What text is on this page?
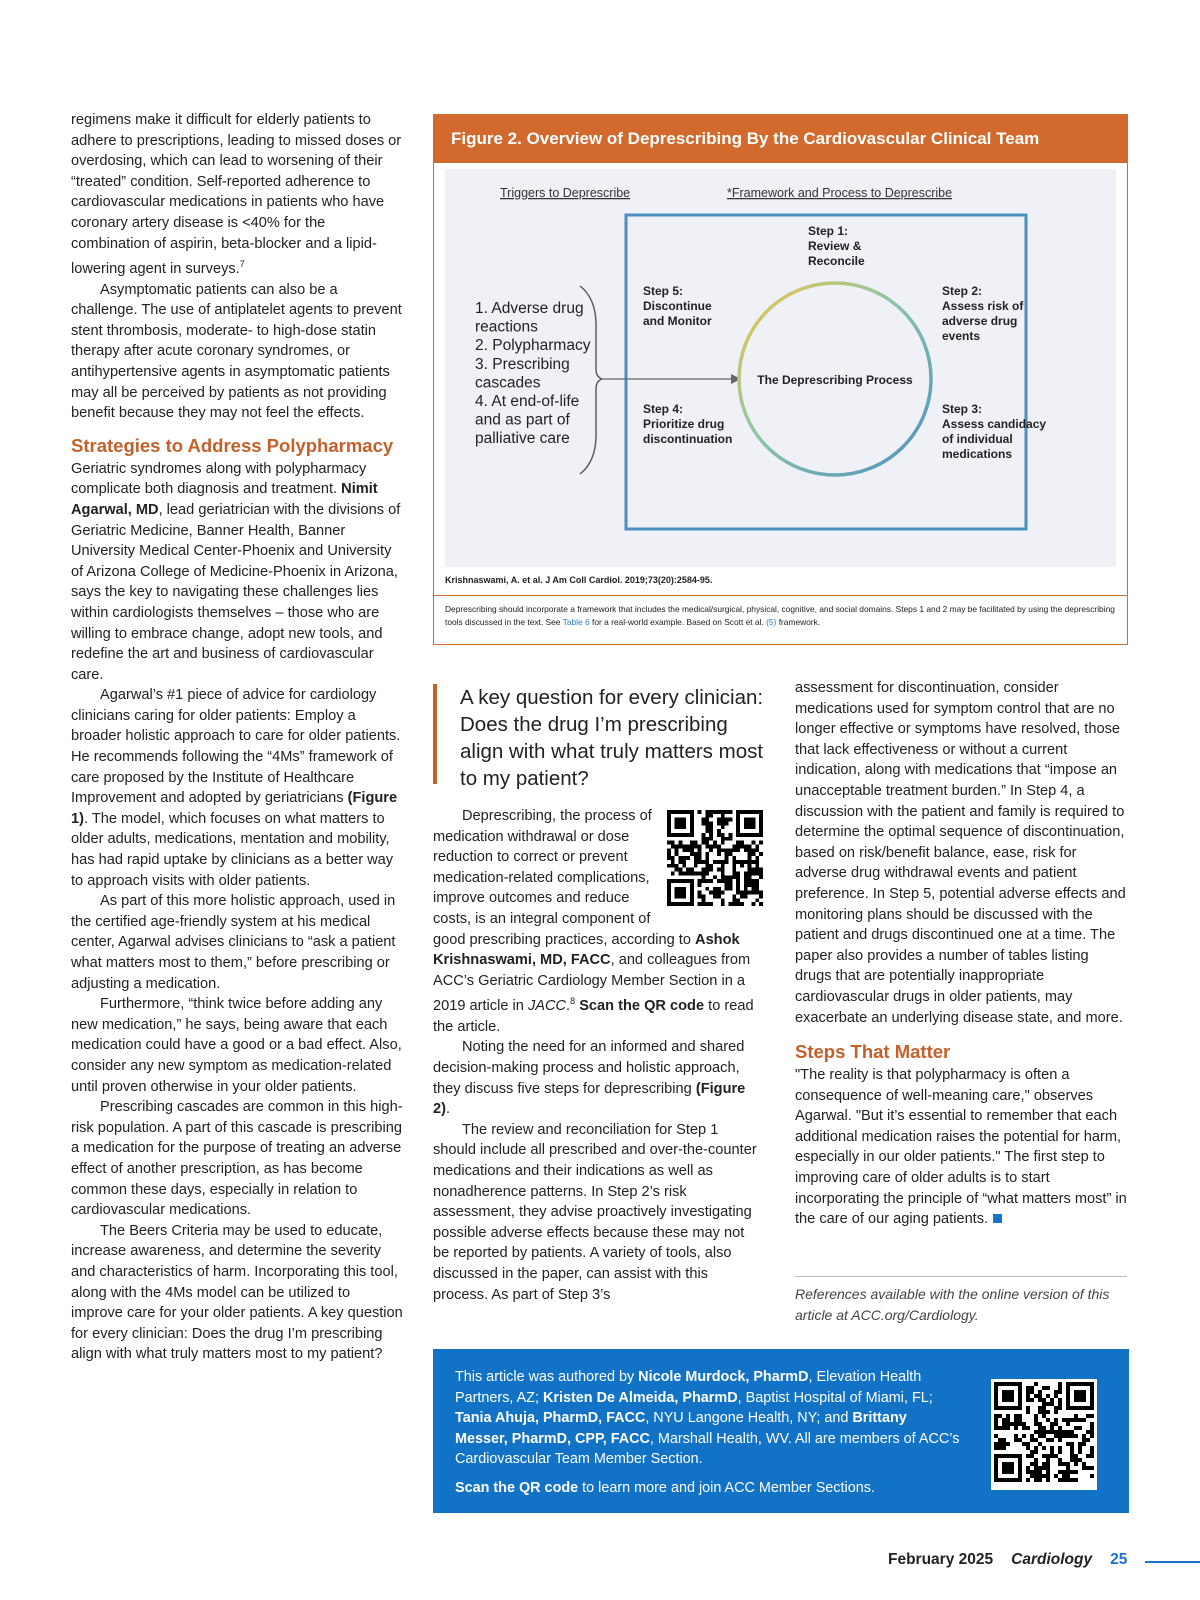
regimens make it difficult for elderly patients to adhere to prescriptions, leading to missed doses or overdosing, which can lead to worsening of their “treated” condition. Self-reported adherence to cardiovascular medications in patients who have coronary artery disease is <40% for the combination of aspirin, beta-blocker and a lipid-lowering agent in surveys.$^7$

Asymptomatic patients can also be a challenge. The use of antiplatelet agents to prevent stent thrombosis, moderate- to high-dose statin therapy after acute coronary syndromes, or antihypertensive agents in asymptomatic patients may all be perceived by patients as not providing benefit because they may not feel the effects.

Strategies to Address Polypharmacy

Geriatric syndromes along with polypharmacy complicate both diagnosis and treatment. Nimit Agarwal, MD, lead geriatrician with the divisions of Geriatric Medicine, Banner Health, Banner University Medical Center-Phoenix and University of Arizona College of Medicine-Phoenix in Arizona, says the key to navigating these challenges lies within cardiologists themselves – those who are willing to embrace change, adopt new tools, and redefine the art and business of cardiovascular care.

Agarwal’s #1 piece of advice for cardiology clinicians caring for older patients: Employ a broader holistic approach to care for older patients. He recommends following the “4Ms” framework of care proposed by the Institute of Healthcare Improvement and adopted by geriatricians (Figure 1). The model, which focuses on what matters to older adults, medications, mentation and mobility, has had rapid uptake by clinicians as a better way to approach visits with older patients.

As part of this more holistic approach, used in the certified age-friendly system at his medical center, Agarwal advises clinicians to “ask a patient what matters most to them,” before prescribing or adjusting a medication.

Furthermore, “think twice before adding any new medication,” he says, being aware that each medication could have a good or a bad effect. Also, consider any new symptom as medication-related until proven otherwise in your older patients.

Prescribing cascades are common in this high-risk population. A part of this cascade is prescribing a medication for the purpose of treating an adverse effect of another prescription, as has become common these days, especially in relation to cardiovascular medications.

The Beers Criteria may be used to educate, increase awareness, and determine the severity and characteristics of harm. Incorporating this tool, along with the 4Ms model can be utilized to improve care for your older patients. A key question for every clinician: Does the drug I’m prescribing align with what truly matters most to my patient?

Figure 2. Overview of Deprescribing By the Cardiovascular Clinical Team
Triggers to Deprescribe	*Framework and Process to Deprescribe
1. Adverse drug
reactions
2. Polypharmacy
3. Prescribing
cascades
4. At end-of-life
and as part of
palliative care
The Deprescribing Process
Step 1:
Review &
Reconcile
Step 2:
Assess risk of
adverse drug
events
Step 3:
Assess candidacy
of individual
medications
Step 4:
Prioritize drug
discontinuation
Step 5:
Discontinue
and Monitor
Krishnaswami, A. et al. J Am Coll Cardiol. 2019;73(20):2584-95.
Deprescribing should incorporate a framework that includes the medical/surgical, physical, cognitive, and social domains. Steps 1 and 2 may be facilitated by using the deprescribing tools discussed in the text. See Table 6 for a real-world example. Based on Scott et al. (5) framework.
A key question for every clinician: Does the drug I’m prescribing align with what truly matters most to my patient?

Deprescribing, the process of medication withdrawal or dose reduction to correct or prevent medication-related complications, improve outcomes and reduce costs, is an integral component of good prescribing practices, according to Ashok Krishnaswami, MD, FACC, and colleagues from ACC’s Geriatric Cardiology Member Section in a 2019 article in JACC.$^8$ Scan the QR code to read the article.

Noting the need for an informed and shared decision-making process and holistic approach, they discuss five steps for deprescribing (Figure 2).

The review and reconciliation for Step 1 should include all prescribed and over-the-counter medications and their indications as well as nonadherence patterns. In Step 2’s risk assessment, they advise proactively investigating possible adverse effects because these may not be reported by patients. A variety of tools, also discussed in the paper, can assist with this process. As part of Step 3’s

assessment for discontinuation, consider medications used for symptom control that are no longer effective or symptoms have resolved, those that lack effectiveness or without a current indication, along with medications that “impose an unacceptable treatment burden.” In Step 4, a discussion with the patient and family is required to determine the optimal sequence of discontinuation, based on risk/benefit balance, ease, risk for adverse drug withdrawal events and patient preference. In Step 5, potential adverse effects and monitoring plans should be discussed with the patient and drugs discontinued one at a time. The paper also provides a number of tables listing drugs that are potentially inappropriate cardiovascular drugs in older patients, may exacerbate an underlying disease state, and more.

Steps That Matter

"The reality is that polypharmacy is often a consequence of well-meaning care," observes Agarwal. "But it’s essential to remember that each additional medication raises the potential for harm, especially in our older patients." The first step to improving care of older adults is to start incorporating the principle of “what matters most” in the care of our aging patients.

References available with the online version of this article at ACC.org/Cardiology.

This article was authored by Nicole Murdock, PharmD, Elevation Health Partners, AZ; Kristen De Almeida, PharmD, Baptist Hospital of Miami, FL; Tania Ahuja, PharmD, FACC, NYU Langone Health, NY; and Brittany Messer, PharmD, CPP, FACC, Marshall Health, WV. All are members of ACC’s Cardiovascular Team Member Section.

Scan the QR code to learn more and join ACC Member Sections.

February 2025 Cardiology 25
